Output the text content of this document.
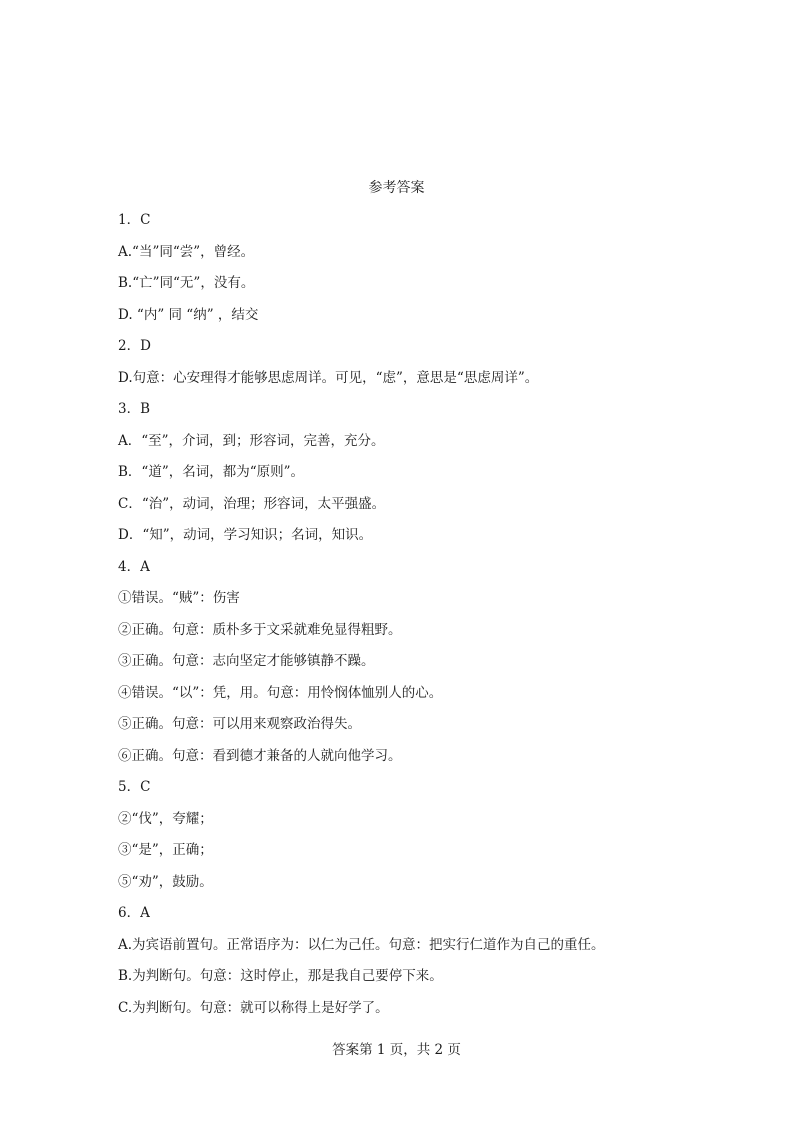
参考答案
1．C
A.“当”同“尝”，曾经。
B.“亡”同“无”，没有。
D. “内” 同 “纳” ，结交
2．D
D.句意：心安理得才能够思虑周详。可见，“虑”，意思是“思虑周详”。
3．B
A．“至”，介词，到；形容词，完善，充分。
B．“道”，名词，都为“原则”。
C．“治”，动词，治理；形容词，太平强盛。
D．“知”，动词，学习知识；名词，知识。
4．A
①错误。“贼”：伤害
②正确。句意：质朴多于文采就难免显得粗野。
③正确。句意：志向坚定才能够镇静不躁。
④错误。“以”：凭，用。句意：用怜悯体恤别人的心。
⑤正确。句意：可以用来观察政治得失。
⑥正确。句意：看到德才兼备的人就向他学习。
5．C
②“伐”，夸耀；
③“是”，正确；
⑤“劝”，鼓励。
6．A
A.为宾语前置句。正常语序为：以仁为己任。句意：把实行仁道作为自己的重任。
B.为判断句。句意：这时停止，那是我自己要停下来。
C.为判断句。句意：就可以称得上是好学了。
答案第 1 页，共 2 页
